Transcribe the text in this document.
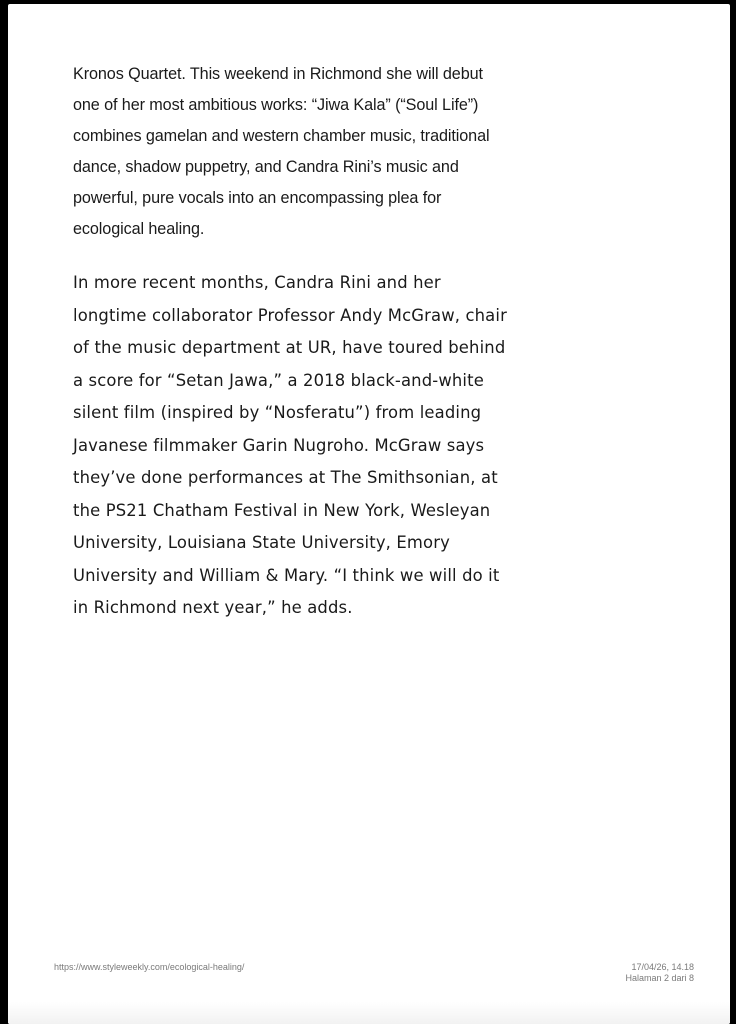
Kronos Quartet. This weekend in Richmond she will debut
one of her most ambitious works: “Jiwa Kala” (“Soul Life”)
combines gamelan and western chamber music, traditional
dance, shadow puppetry, and Candra Rini’s music and
powerful, pure vocals into an encompassing plea for
ecological healing.

In more recent months, Candra Rini and her
longtime collaborator Professor Andy McGraw, chair
of the music department at UR, have toured behind
a score for “Setan Jawa,” a 2018 black-and-white
silent film (inspired by “Nosferatu”) from leading
Javanese filmmaker Garin Nugroho. McGraw says
they’ve done performances at The Smithsonian, at
the PS21 Chatham Festival in New York, Wesleyan
University, Louisiana State University, Emory
University and William & Mary. “I think we will do it
in Richmond next year,” he adds.

https://www.styleweekly.com/ecological-healing/	17/04/26, 14.18
Halaman 2 dari 8
